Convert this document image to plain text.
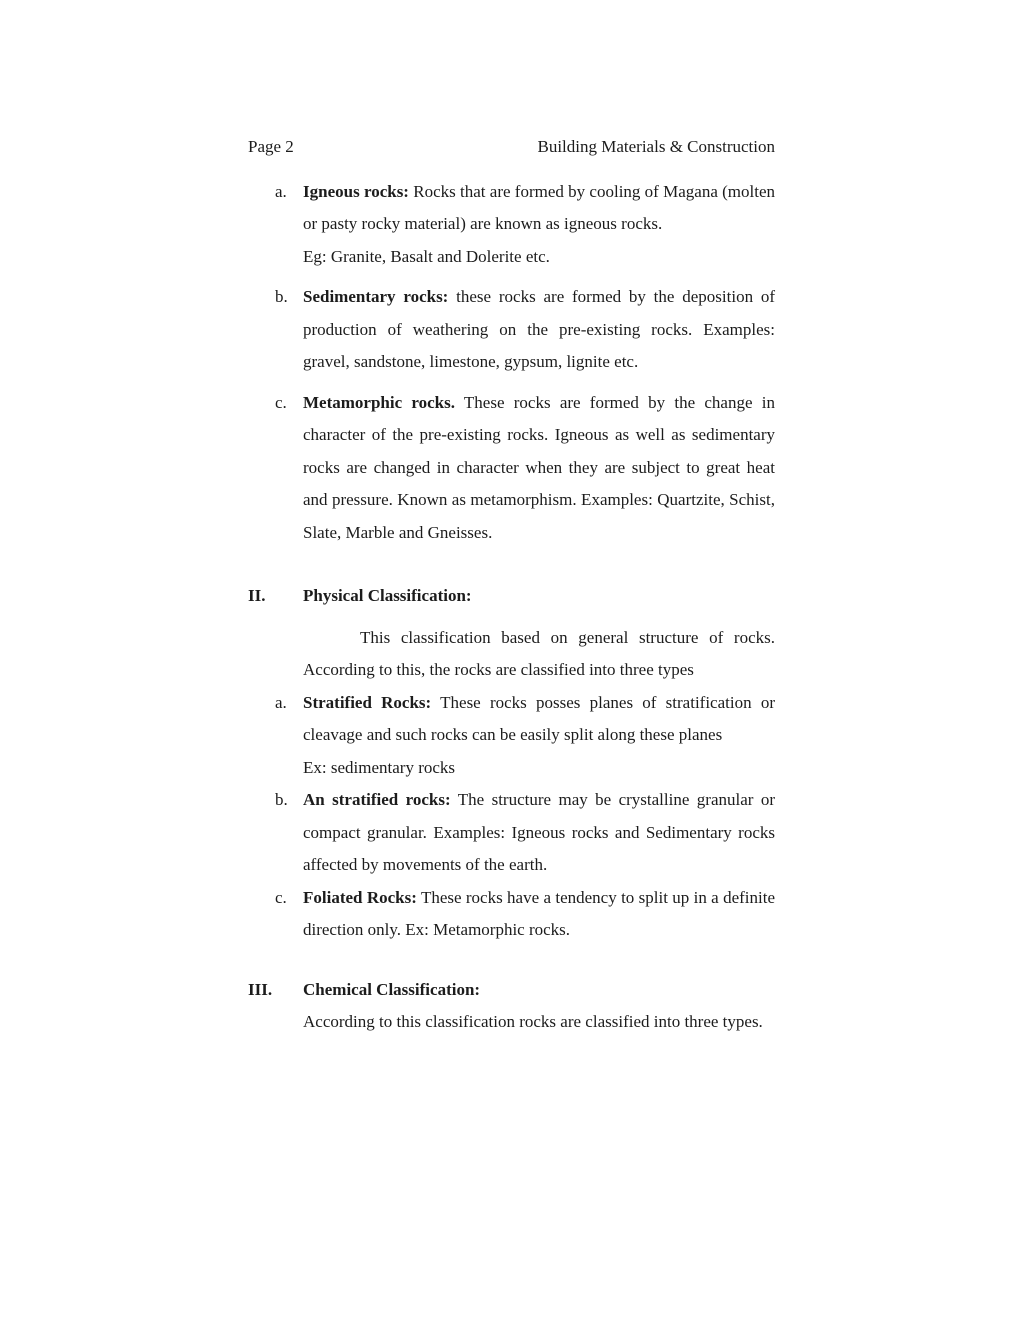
Page 2	Building Materials & Construction
a. Igneous rocks: Rocks that are formed by cooling of Magana (molten or pasty rocky material) are known as igneous rocks.
Eg: Granite, Basalt and Dolerite etc.
b. Sedimentary rocks: these rocks are formed by the deposition of production of weathering on the pre-existing rocks. Examples: gravel, sandstone, limestone, gypsum, lignite etc.
c. Metamorphic rocks. These rocks are formed by the change in character of the pre-existing rocks. Igneous as well as sedimentary rocks are changed in character when they are subject to great heat and pressure. Known as metamorphism. Examples: Quartzite, Schist, Slate, Marble and Gneisses.
II.	Physical Classification:
This classification based on general structure of rocks. According to this, the rocks are classified into three types
a. Stratified Rocks: These rocks posses planes of stratification or cleavage and such rocks can be easily split along these planes
Ex: sedimentary rocks
b. An stratified rocks: The structure may be crystalline granular or compact granular. Examples: Igneous rocks and Sedimentary rocks affected by movements of the earth.
c. Foliated Rocks: These rocks have a tendency to split up in a definite direction only. Ex: Metamorphic rocks.
III.	Chemical Classification:
According to this classification rocks are classified into three types.
